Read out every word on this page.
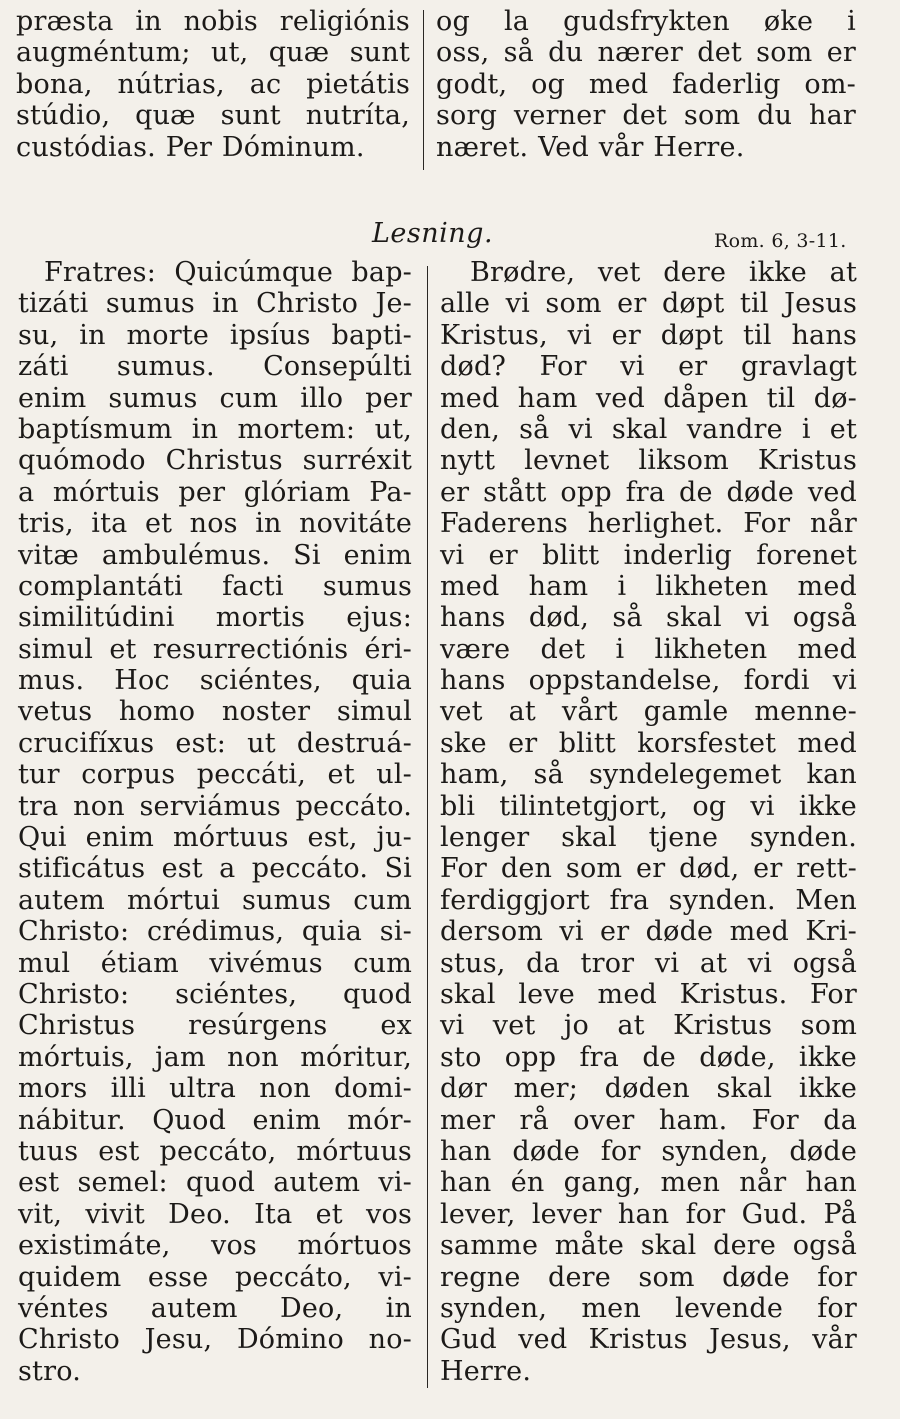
præsta in nobis religiónis
augméntum; ut, quæ sunt
bona, nútrias, ac pietátis
stúdio, quæ sunt nutríta,
custódias. Per Dóminum.
og la gudsfrykten øke i
oss, så du nærer det som er
godt, og med faderlig om-
sorg verner det som du har
næret. Ved vår Herre.
Lesning.	Rom. 6, 3-11.
Fratres: Quicúmque bap-
tizáti sumus in Christo Je-
su, in morte ipsíus bapti-
záti sumus. Consepúlti
enim sumus cum illo per
baptísmum in mortem: ut,
quómodo Christus surréxit
a mórtuis per glóriam Pa-
tris, ita et nos in novitáte
vitæ ambulémus. Si enim
complantáti facti sumus
similitúdini mortis ejus:
simul et resurrectiónis éri-
mus. Hoc sciéntes, quia
vetus homo noster simul
crucifíxus est: ut destruá-
tur corpus peccáti, et ul-
tra non serviámus peccáto.
Qui enim mórtuus est, ju-
stificátus est a peccáto. Si
autem mórtui sumus cum
Christo: crédimus, quia si-
mul étiam vivémus cum
Christo: sciéntes, quod
Christus resúrgens ex
mórtuis, jam non móritur,
mors illi ultra non domi-
nábitur. Quod enim mór-
tuus est peccáto, mórtuus
est semel: quod autem vi-
vit, vivit Deo. Ita et vos
existimáte, vos mórtuos
quidem esse peccáto, vi-
véntes autem Deo, in
Christo Jesu, Dómino no-
stro.
Brødre, vet dere ikke at
alle vi som er døpt til Jesus
Kristus, vi er døpt til hans
død? For vi er gravlagt
med ham ved dåpen til dø-
den, så vi skal vandre i et
nytt levnet liksom Kristus
er stått opp fra de døde ved
Faderens herlighet. For når
vi er blitt inderlig forenet
med ham i likheten med
hans død, så skal vi også
være det i likheten med
hans oppstandelse, fordi vi
vet at vårt gamle menne-
ske er blitt korsfestet med
ham, så syndelegemet kan
bli tilintetgjort, og vi ikke
lenger skal tjene synden.
For den som er død, er rett-
ferdiggjort fra synden. Men
dersom vi er døde med Kri-
stus, da tror vi at vi også
skal leve med Kristus. For
vi vet jo at Kristus som
sto opp fra de døde, ikke
dør mer; døden skal ikke
mer rå over ham. For da
han døde for synden, døde
han én gang, men når han
lever, lever han for Gud. På
samme måte skal dere også
regne dere som døde for
synden, men levende for
Gud ved Kristus Jesus, vår
Herre.
